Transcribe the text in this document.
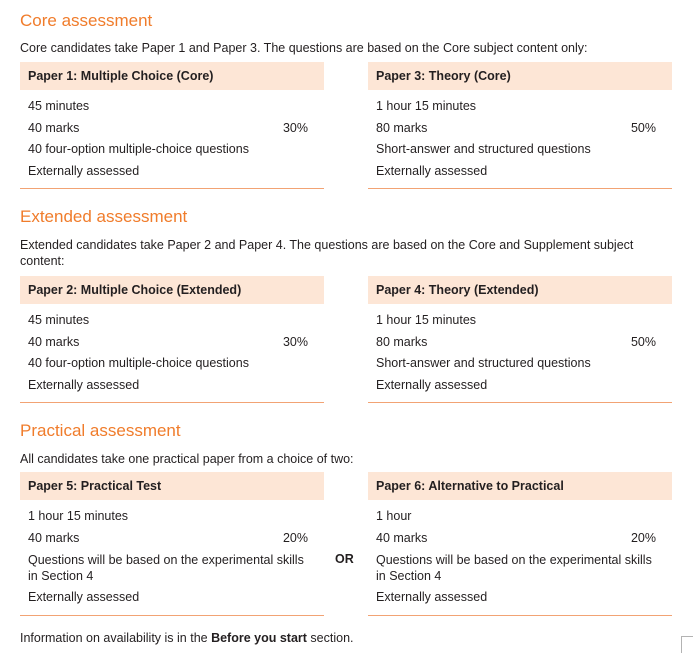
Core assessment
Core candidates take Paper 1 and Paper 3. The questions are based on the Core subject content only:
Paper 1: Multiple Choice (Core)
45 minutes
40 marks	30%
40 four-option multiple-choice questions
Externally assessed
Paper 3: Theory (Core)
1 hour 15 minutes
80 marks	50%
Short-answer and structured questions
Externally assessed
Extended assessment
Extended candidates take Paper 2 and Paper 4. The questions are based on the Core and Supplement subject content:
Paper 2: Multiple Choice (Extended)
45 minutes
40 marks	30%
40 four-option multiple-choice questions
Externally assessed
Paper 4: Theory (Extended)
1 hour 15 minutes
80 marks	50%
Short-answer and structured questions
Externally assessed
Practical assessment
All candidates take one practical paper from a choice of two:
Paper 5: Practical Test
1 hour 15 minutes
40 marks	20%
Questions will be based on the experimental skills in Section 4
Externally assessed
OR
Paper 6: Alternative to Practical
1 hour
40 marks	20%
Questions will be based on the experimental skills in Section 4
Externally assessed
Information on availability is in the Before you start section.
